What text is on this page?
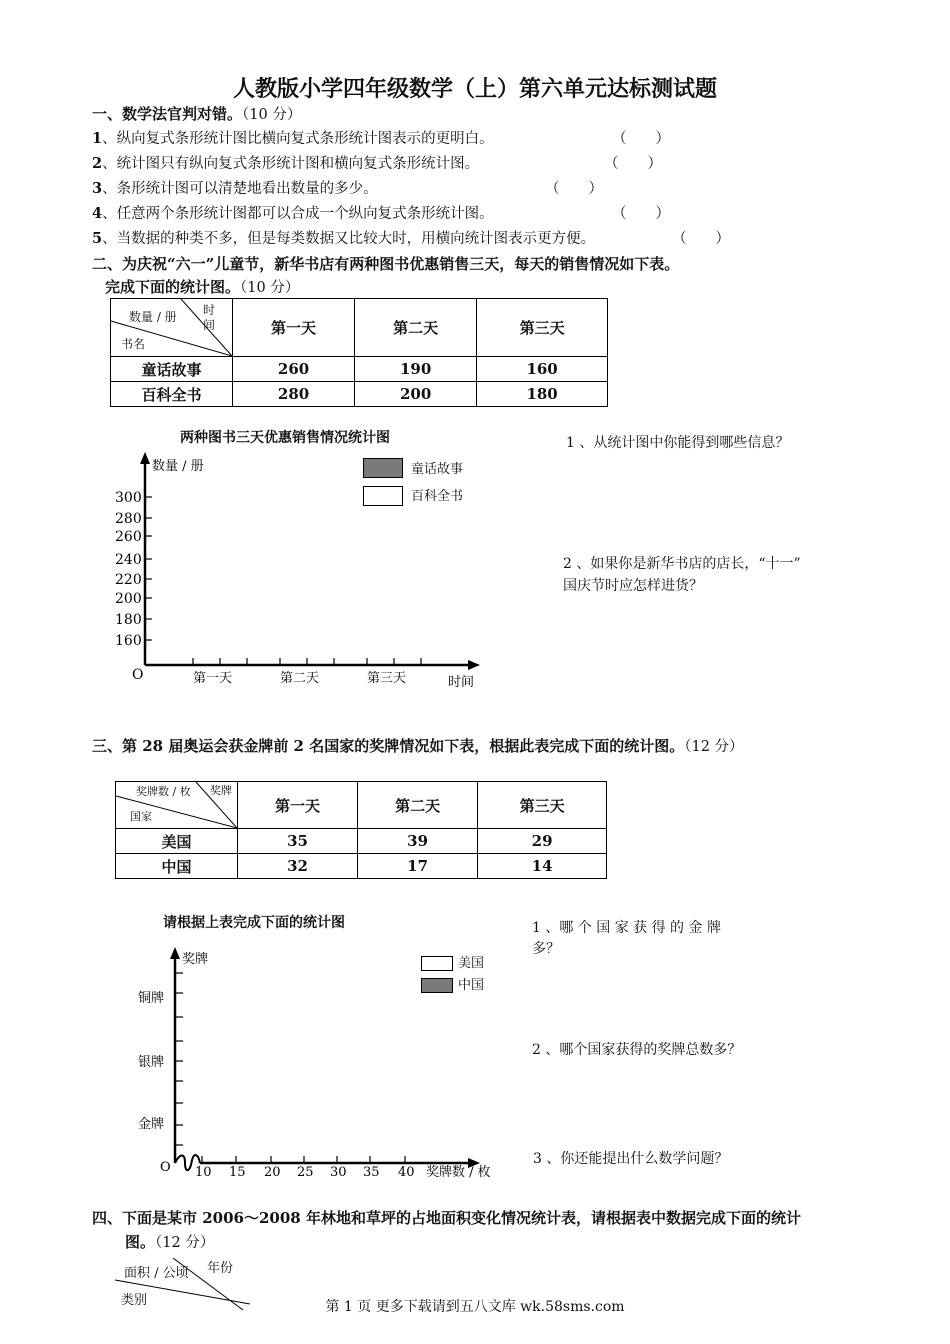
人教版小学四年级数学（上）第六单元达标测试题
一、数学法官判对错。（10 分）
1、纵向复式条形统计图比横向复式条形统计图表示的更明白。	（　　）
2、统计图只有纵向复式条形统计图和横向复式条形统计图。	（　　）
3、条形统计图可以清楚地看出数量的多少。	（　　）
4、任意两个条形统计图都可以合成一个纵向复式条形统计图。	（　　）
5、当数据的种类不多，但是每类数据又比较大时，用横向统计图表示更方便。	（　　）
二、为庆祝“六一”儿童节，新华书店有两种图书优惠销售三天，每天的销售情况如下表。
完成下面的统计图。（10 分）
时
间
数量 / 册
书名	第一天	第二天	第三天
童话故事	260	190	160
百科全书	280	200	180
两种图书三天优惠销售情况统计图
300
280
260
240
220
200
180
160
第一天	第二天	第三天
数量 / 册
O	时间
童话故事
百科全书
1 、从统计图中你能得到哪些信息？
2 、如果你是新华书店的店长，“十一”
国庆节时应怎样进货？
三、第 28 届奥运会获金牌前 2 名国家的奖牌情况如下表，根据此表完成下面的统计图。（12 分）
奖牌
奖牌数 / 枚
国家	第一天	第二天	第三天
美国	35	39	29
中国	32	17	14
请根据上表完成下面的统计图
铜牌
银牌
金牌
10 15 20 25 30 35 40
奖牌
O	奖牌数 / 枚
美国
中国
1 、哪 个 国 家 获 得 的 金 牌
多？
2 、哪个国家获得的奖牌总数多？
3 、你还能提出什么数学问题？
四、下面是某市 2006～2008 年林地和草坪的占地面积变化情况统计表，请根据表中数据完成下面的统计
图。（12 分）
年份
面积 / 公顷
类别	第 1 页 更多下载请到五八文库 wk.58sms.com
